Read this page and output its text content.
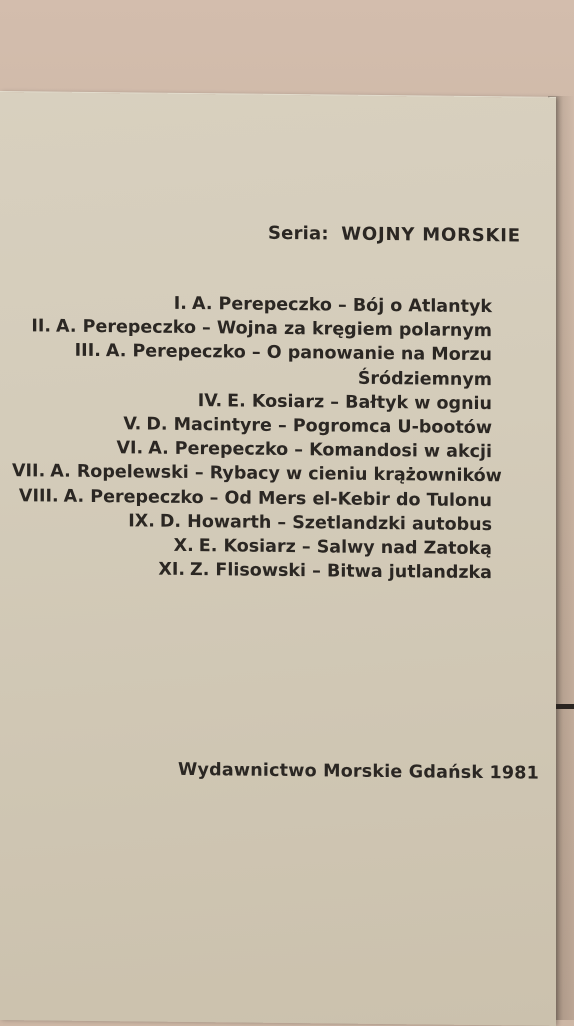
Seria: WOJNY MORSKIE
I. A. Perepeczko – Bój o Atlantyk
II. A. Perepeczko – Wojna za kręgiem polarnym
III. A. Perepeczko – O panowanie na Morzu
Śródziemnym
IV. E. Kosiarz – Bałtyk w ogniu
V. D. Macintyre – Pogromca U-bootów
VI. A. Perepeczko – Komandosi w akcji
VII. A. Ropelewski – Rybacy w cieniu krążowników
VIII. A. Perepeczko – Od Mers el-Kebir do Tulonu
IX. D. Howarth – Szetlandzki autobus
X. E. Kosiarz – Salwy nad Zatoką
XI. Z. Flisowski – Bitwa jutlandzka
Wydawnictwo Morskie Gdańsk 1981
